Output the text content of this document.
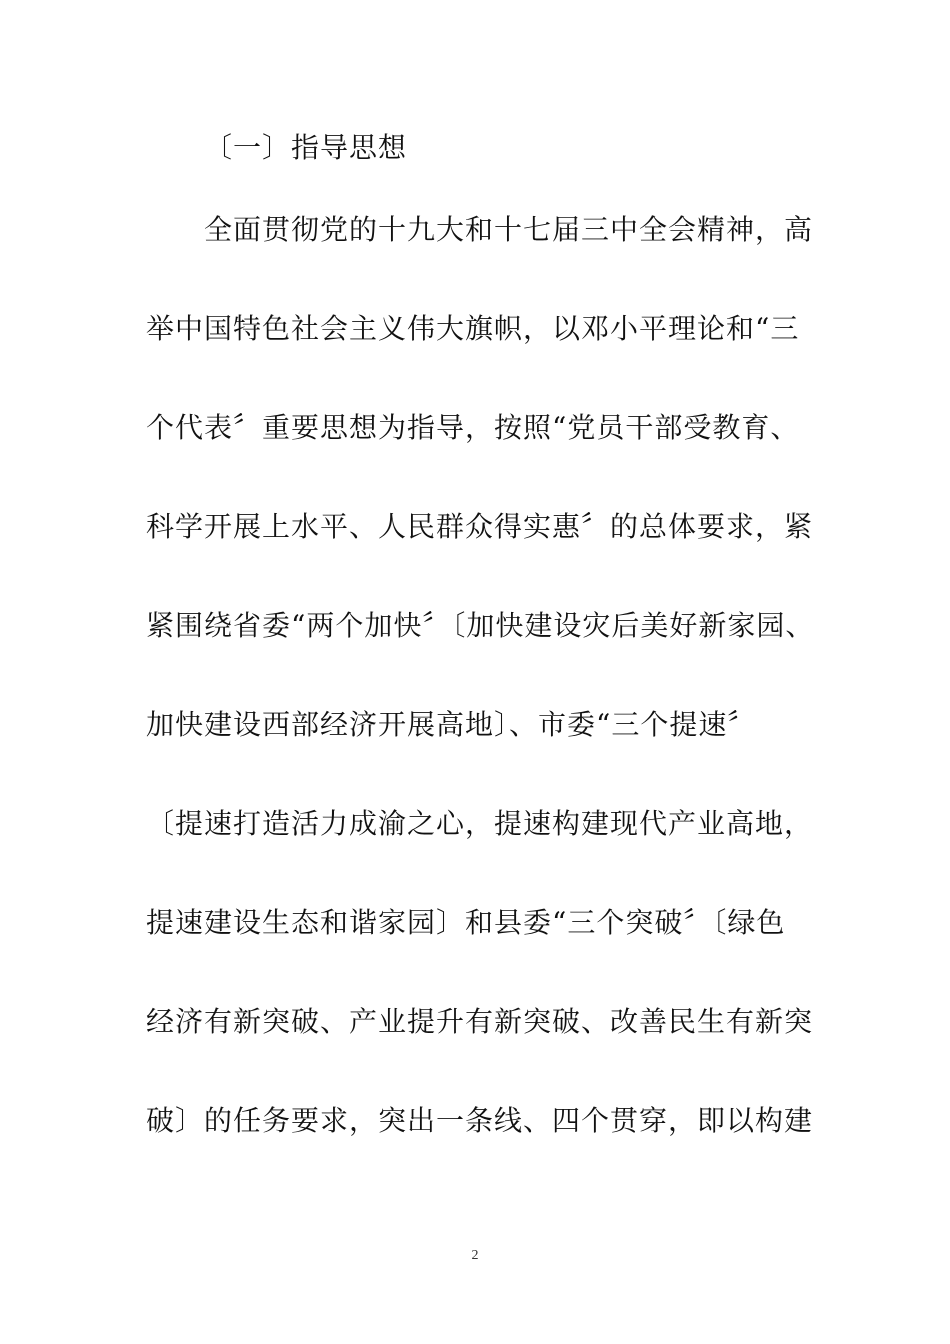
〔一〕指导思想
全面贯彻党的十九大和十七届三中全会精神，高
举中国特色社会主义伟大旗帜，以邓小平理论和“三
个代表〞重要思想为指导，按照“党员干部受教育、
科学开展上水平、人民群众得实惠〞的总体要求，紧
紧围绕省委“两个加快〞〔加快建设灾后美好新家园、
加快建设西部经济开展高地〕、市委“三个提速〞
〔提速打造活力成渝之心，提速构建现代产业高地，
提速建设生态和谐家园〕和县委“三个突破〞〔绿色
经济有新突破、产业提升有新突破、改善民生有新突
破〕的任务要求，突出一条线、四个贯穿，即以构建
2
